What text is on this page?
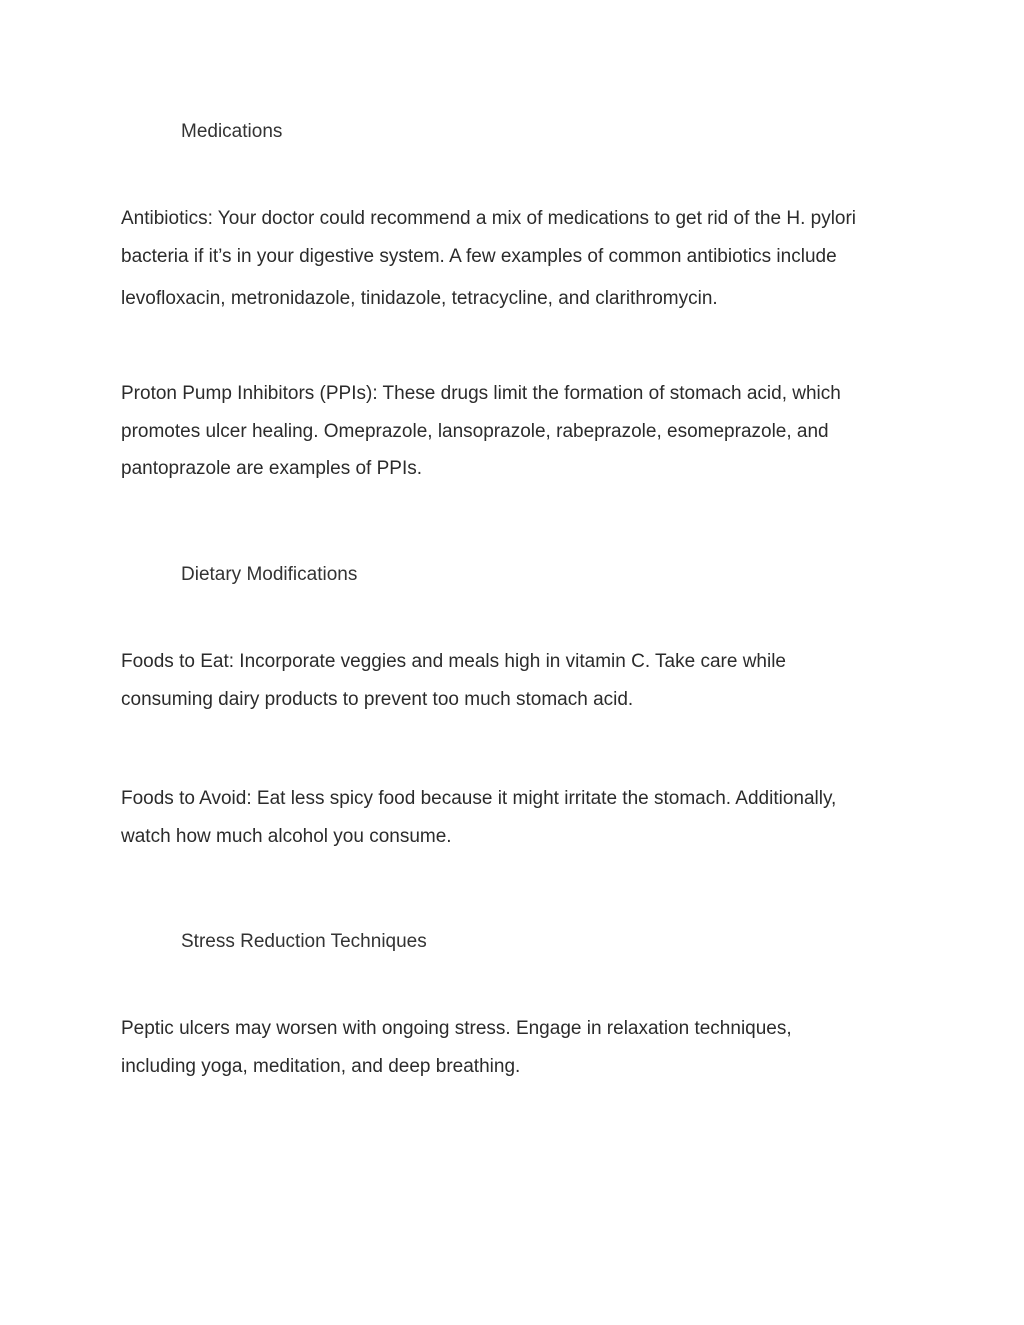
Medications
Antibiotics: Your doctor could recommend a mix of medications to get rid of the H. pylori
bacteria if it’s in your digestive system. A few examples of common antibiotics include
levofloxacin, metronidazole, tinidazole, tetracycline, and clarithromycin.
Proton Pump Inhibitors (PPIs): These drugs limit the formation of stomach acid, which
promotes ulcer healing. Omeprazole, lansoprazole, rabeprazole, esomeprazole, and
pantoprazole are examples of PPIs.
Dietary Modifications
Foods to Eat: Incorporate veggies and meals high in vitamin C. Take care while
consuming dairy products to prevent too much stomach acid.
Foods to Avoid: Eat less spicy food because it might irritate the stomach. Additionally,
watch how much alcohol you consume.
Stress Reduction Techniques
Peptic ulcers may worsen with ongoing stress. Engage in relaxation techniques,
including yoga, meditation, and deep breathing.
